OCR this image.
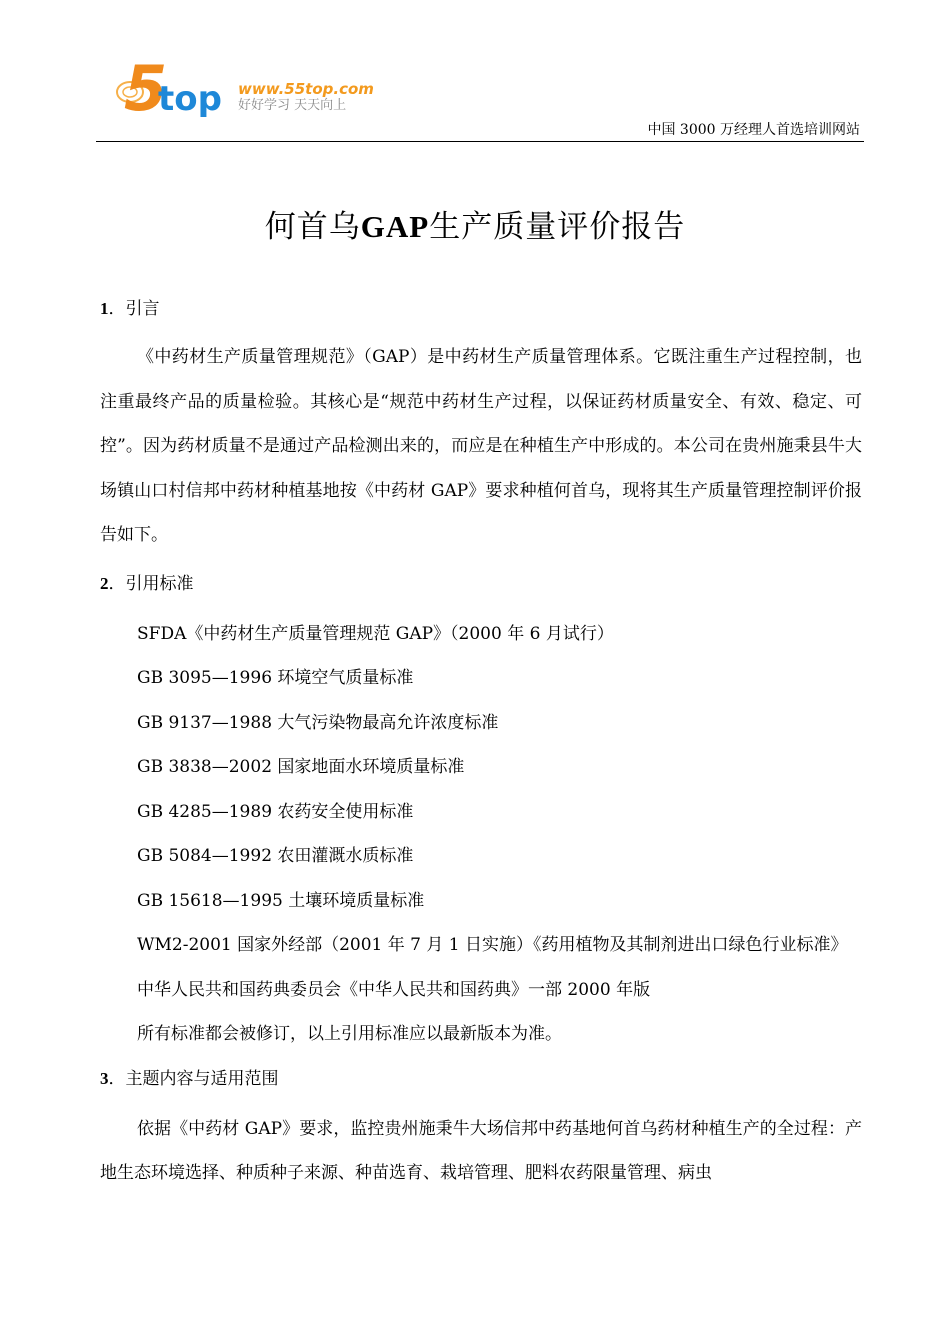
5
top www.55top.com
好好学习 天天向上
中国 3000 万经理人首选培训网站
何首乌GAP生产质量评价报告
1．引言

《中药材生产质量管理规范》（GAP）是中药材生产质量管理体系。它既注重生产过程控制，也注重最终产品的质量检验。其核心是“规范中药材生产过程，以保证药材质量安全、有效、稳定、可控”。因为药材质量不是通过产品检测出来的，而应是在种植生产中形成的。本公司在贵州施秉县牛大场镇山口村信邦中药材种植基地按《中药材 GAP》要求种植何首乌，现将其生产质量管理控制评价报告如下。

2．引用标准

SFDA《中药材生产质量管理规范 GAP》（2000 年 6 月试行）

GB 3095—1996 环境空气质量标准

GB 9137—1988 大气污染物最高允许浓度标准

GB 3838—2002 国家地面水环境质量标准

GB 4285—1989 农药安全使用标准

GB 5084—1992 农田灌溉水质标准

GB 15618—1995 土壤环境质量标准

WM2-2001 国家外经部（2001 年 7 月 1 日实施）《药用植物及其制剂进出口绿色行业标准》

中华人民共和国药典委员会《中华人民共和国药典》一部 2000 年版

所有标准都会被修订，以上引用标准应以最新版本为准。

3．主题内容与适用范围

依据《中药材 GAP》要求，监控贵州施秉牛大场信邦中药基地何首乌药材种植生产的全过程：产地生态环境选择、种质种子来源、种苗选育、栽培管理、肥料农药限量管理、病虫
